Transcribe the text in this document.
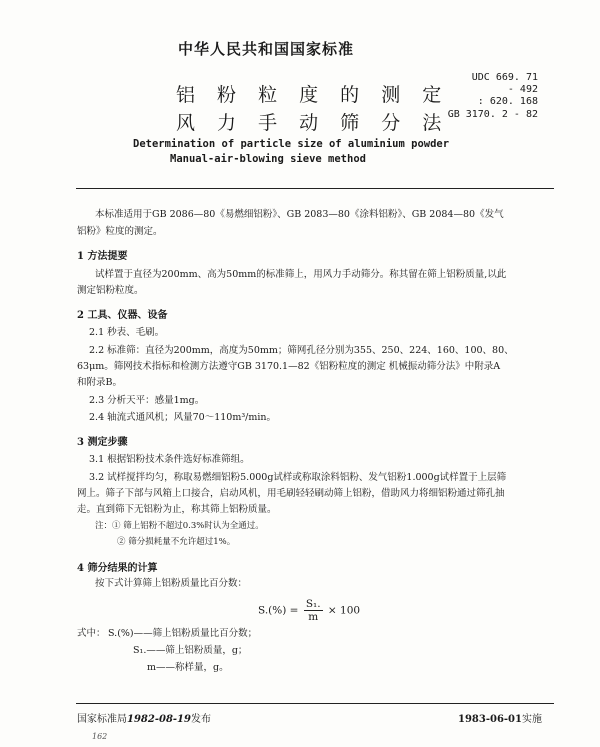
中华人民共和国国家标准
UDC 669. 71
- 492
: 620. 168
GB 3170. 2 - 82
铝 粉 粒 度 的 测 定
风 力 手 动 筛 分 法
Determination of particle size of aluminium powder
Manual-air-blowing sieve method
本标准适用于GB 2086—80《易燃细铝粉》、GB 2083—80《涂料铝粉》、GB 2084—80《发气
铝粉》粒度的测定。
1 方法提要
试样置于直径为200mm、高为50mm的标准筛上，用风力手动筛分。称其留在筛上铝粉质量,以此
测定铝粉粒度。
2 工具、仪器、设备
2.1 秒表、毛刷。
2.2 标准筛：直径为200mm，高度为50mm；筛网孔径分别为355、250、224、160、100、80、
63μm。筛网技术指标和检测方法遵守GB 3170.1—82《铝粉粒度的测定 机械振动筛分法》中附录A
和附录B。
2.3 分析天平：感量1mg。
2.4 轴流式通风机；风量70～110m³/min。
3 测定步骤
3.1 根据铝粉技术条件选好标准筛组。
3.2 试样搅拌均匀，称取易燃细铝粉5.000g试样或称取涂料铝粉、发气铝粉1.000g试样置于上层筛
网上。筛子下部与风箱上口接合，启动风机，用毛刷轻轻刷动筛上铝粉，借助风力将细铝粉通过筛孔抽
走。直到筛下无铝粉为止，称其筛上铝粉质量。
注：① 筛上铝粉不超过0.3%时认为全通过。
② 筛分损耗量不允许超过1%。
4 筛分结果的计算
按下式计算筛上铝粉质量比百分数：
$S.(\%) = \frac{\text{S₁.}}{m} \times 100$
式中： S.(%)——筛上铝粉质量比百分数；
S₁.——筛上铝粉质量，g；
m——称样量，g。
国家标准局1982-08-19发布	1983-06-01实施
162
